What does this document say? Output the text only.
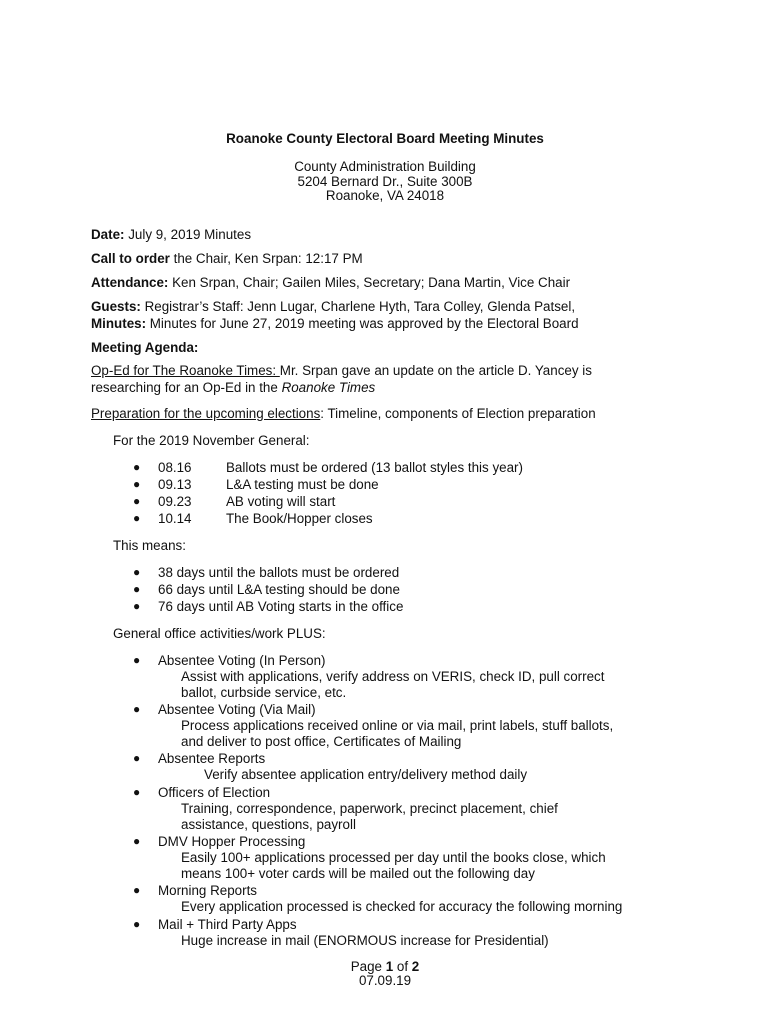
Roanoke County Electoral Board Meeting Minutes
County Administration Building
5204 Bernard Dr., Suite 300B
Roanoke, VA 24018
Date: July 9, 2019 Minutes
Call to order the Chair, Ken Srpan: 12:17 PM
Attendance: Ken Srpan, Chair; Gailen Miles, Secretary; Dana Martin, Vice Chair
Guests: Registrar’s Staff: Jenn Lugar, Charlene Hyth, Tara Colley, Glenda Patsel,
Minutes: Minutes for June 27, 2019 meeting was approved by the Electoral Board
Meeting Agenda:
Op-Ed for The Roanoke Times: Mr. Srpan gave an update on the article D. Yancey is
researching for an Op-Ed in the Roanoke Times
Preparation for the upcoming elections: Timeline, components of Election preparation
For the 2019 November General:
● 08.16	Ballots must be ordered (13 ballot styles this year)
● 09.13	L&A testing must be done
● 09.23	AB voting will start
● 10.14	The Book/Hopper closes
This means:
● 38 days until the ballots must be ordered
● 66 days until L&A testing should be done
● 76 days until AB Voting starts in the office
General office activities/work PLUS:
● Absentee Voting (In Person)
Assist with applications, verify address on VERIS, check ID, pull correct
ballot, curbside service, etc.
● Absentee Voting (Via Mail)
Process applications received online or via mail, print labels, stuff ballots,
and deliver to post office, Certificates of Mailing
● Absentee Reports
Verify absentee application entry/delivery method daily
● Officers of Election
Training, correspondence, paperwork, precinct placement, chief
assistance, questions, payroll
● DMV Hopper Processing
Easily 100+ applications processed per day until the books close, which
means 100+ voter cards will be mailed out the following day
● Morning Reports
Every application processed is checked for accuracy the following morning
● Mail + Third Party Apps
Huge increase in mail (ENORMOUS increase for Presidential)
Page 1 of 2
07.09.19
